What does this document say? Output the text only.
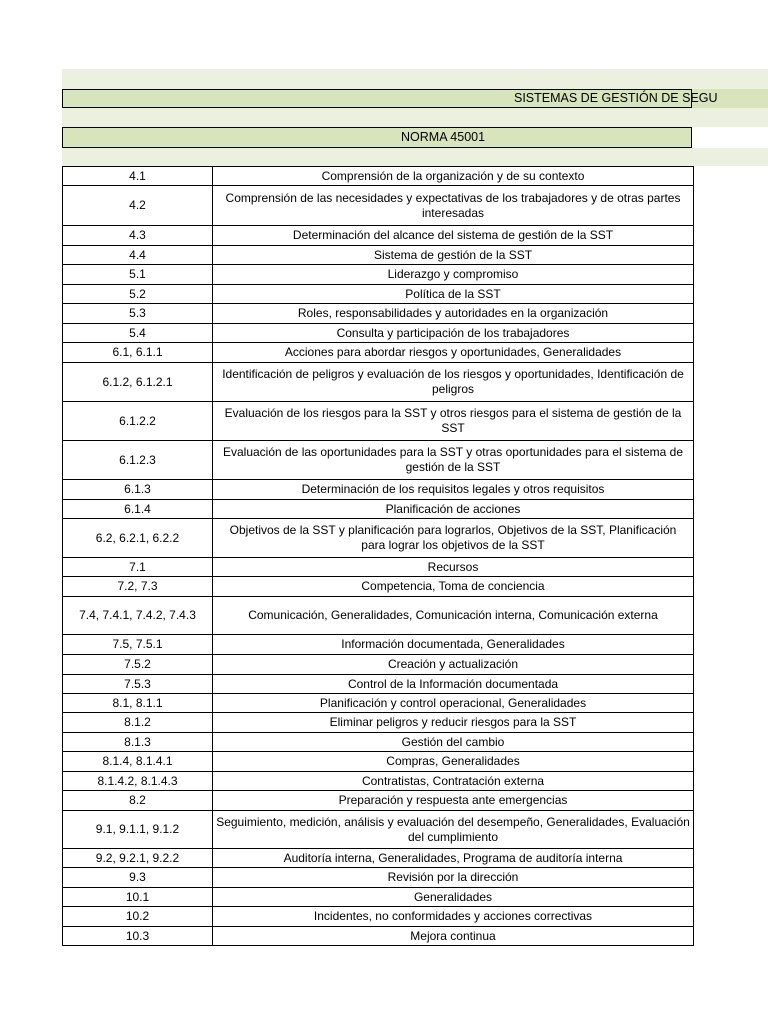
SISTEMAS DE GESTIÓN DE SEGU
NORMA 45001
4.1	Comprensión de la organización y de su contexto
4.2	Comprensión de las necesidades y expectativas de los trabajadores y de otras partes interesadas
4.3	Determinación del alcance del sistema de gestión de la SST
4.4	Sistema de gestión de la SST
5.1	Liderazgo y compromiso
5.2	Política de la SST
5.3	Roles, responsabilidades y autoridades en la organización
5.4	Consulta y participación de los trabajadores
6.1, 6.1.1	Acciones para abordar riesgos y oportunidades, Generalidades
6.1.2, 6.1.2.1	Identificación de peligros y evaluación de los riesgos y oportunidades, Identificación de peligros
6.1.2.2	Evaluación de los riesgos para la SST y otros riesgos para el sistema de gestión de la SST
6.1.2.3	Evaluación de las oportunidades para la SST y otras oportunidades para el sistema de gestión de la SST
6.1.3	Determinación de los requisitos legales y otros requisitos
6.1.4	Planificación de acciones
6.2, 6.2.1, 6.2.2	Objetivos de la SST y planificación para lograrlos, Objetivos de la SST, Planificación para lograr los objetivos de la SST
7.1	Recursos
7.2, 7.3	Competencia, Toma de conciencia
7.4, 7.4.1, 7.4.2, 7.4.3	Comunicación, Generalidades, Comunicación interna, Comunicación externa
7.5, 7.5.1	Información documentada, Generalidades
7.5.2	Creación y actualización
7.5.3	Control de la Información documentada
8.1, 8.1.1	Planificación y control operacional, Generalidades
8.1.2	Eliminar peligros y reducir riesgos para la SST
8.1.3	Gestión del cambio
8.1.4, 8.1.4.1	Compras, Generalidades
8.1.4.2, 8.1.4.3	Contratistas, Contratación externa
8.2	Preparación y respuesta ante emergencias
9.1, 9.1.1, 9.1.2	Seguimiento, medición, análisis y evaluación del desempeño, Generalidades, Evaluación del cumplimiento
9.2, 9.2.1, 9.2.2	Auditoría interna, Generalidades, Programa de auditoría interna
9.3	Revisión por la dirección
10.1	Generalidades
10.2	Incidentes, no conformidades y acciones correctivas
10.3	Mejora continua
